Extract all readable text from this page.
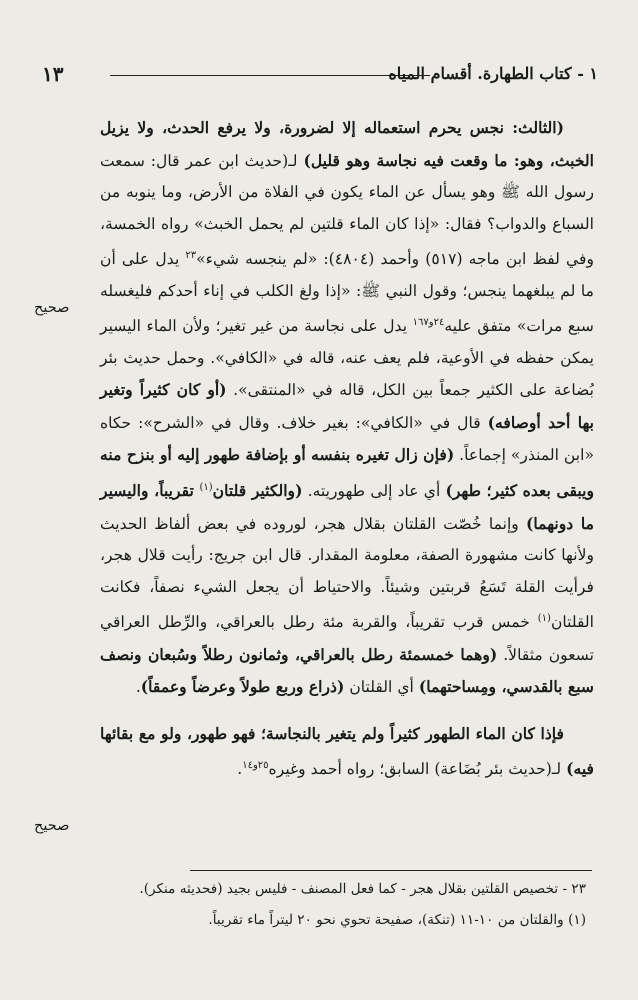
١ - كتاب الطهارة. أقسام المياه
١٣

(الثالث: نجس يحرم استعماله إلا لضرورة، ولا يرفع الحدث، ولا يزيل الخبث، وهو: ما وقعت فيه نجاسة وهو قليل) لـ(حديث ابن عمر قال: سمعت رسول الله ﷺ وهو يسأل عن الماء يكون في الفلاة من الأرض، وما ينوبه من السباع والدواب؟ فقال: «إذا كان الماء قلتين لم يحمل الخبث» رواه الخمسة، وفي لفظ ابن ماجه (٥١٧) وأحمد (٤٨٠٤): «لم ينجسه شيء»$^{٢٣}$ يدل على أن ما لم يبلغهما ينجس؛ وقول النبي ﷺ: «إذا ولغ الكلب في إناء أحدكم فليغسله سبع مرات» متفق عليه$^{٢٤و١٦٧}$ يدل على نجاسة من غير تغير؛ ولأن الماء اليسير يمكن حفظه في الأوعية، فلم يعف عنه، قاله في «الكافي». وحمل حديث بئر بُضاعة على الكثير جمعاً بين الكل، قاله في «المنتقى». (أو كان كثيراً وتغير بها أحد أوصافه) قال في «الكافي»: بغير خلاف. وقال في «الشرح»: حكاه «ابن المنذر» إجماعاً. (فإن زال تغيره بنفسه أو بإضافة طهور إليه أو بنزح منه ويبقى بعده كثير؛ طهر) أي عاد إلى طهوريته. (والكثير قلتان$^{(١)}$ تقريباً، واليسير ما دونهما) وإنما خُصّت القلتان بقلال هجر، لوروده في بعض ألفاظ الحديث ولأنها كانت مشهورة الصفة، معلومة المقدار. قال ابن جريج: رأيت قلال هجر، فرأيت القلة تَسَعُ قربتين وشيئاً. والاحتياط أن يجعل الشيء نصفاً، فكانت القلتان$^{(١)}$ خمس قرب تقريباً، والقربة مئة رطل بالعراقي، والرِّطل العراقي تسعون مثقالاً. (وهما خمسمئة رطل بالعراقي، وثمانون رطلاً وسُبعان ونصف سبع بالقدسي، ومِساحتهما) أي القلتان (ذراع وربع طولاً وعرضاً وعمقاً).

فإذا كان الماء الطهور كثيراً ولم يتغير بالنجاسة؛ فهو طهور، ولو مع بقائها فيه) لـ(حديث بئر بُضَاعة) السابق؛ رواه أحمد وغيره$^{٢٥و١٤}$.

صحيح
صحيح

٢٣ - تخصيص القلتين بقلال هجر - كما فعل المصنف - فليس بجيد (فحديثه منكر).

(١) والقلتان من ١٠-١١ (تنكة)، صفيحة تحوي نحو ٢٠ ليتراً ماء تقريباً.
